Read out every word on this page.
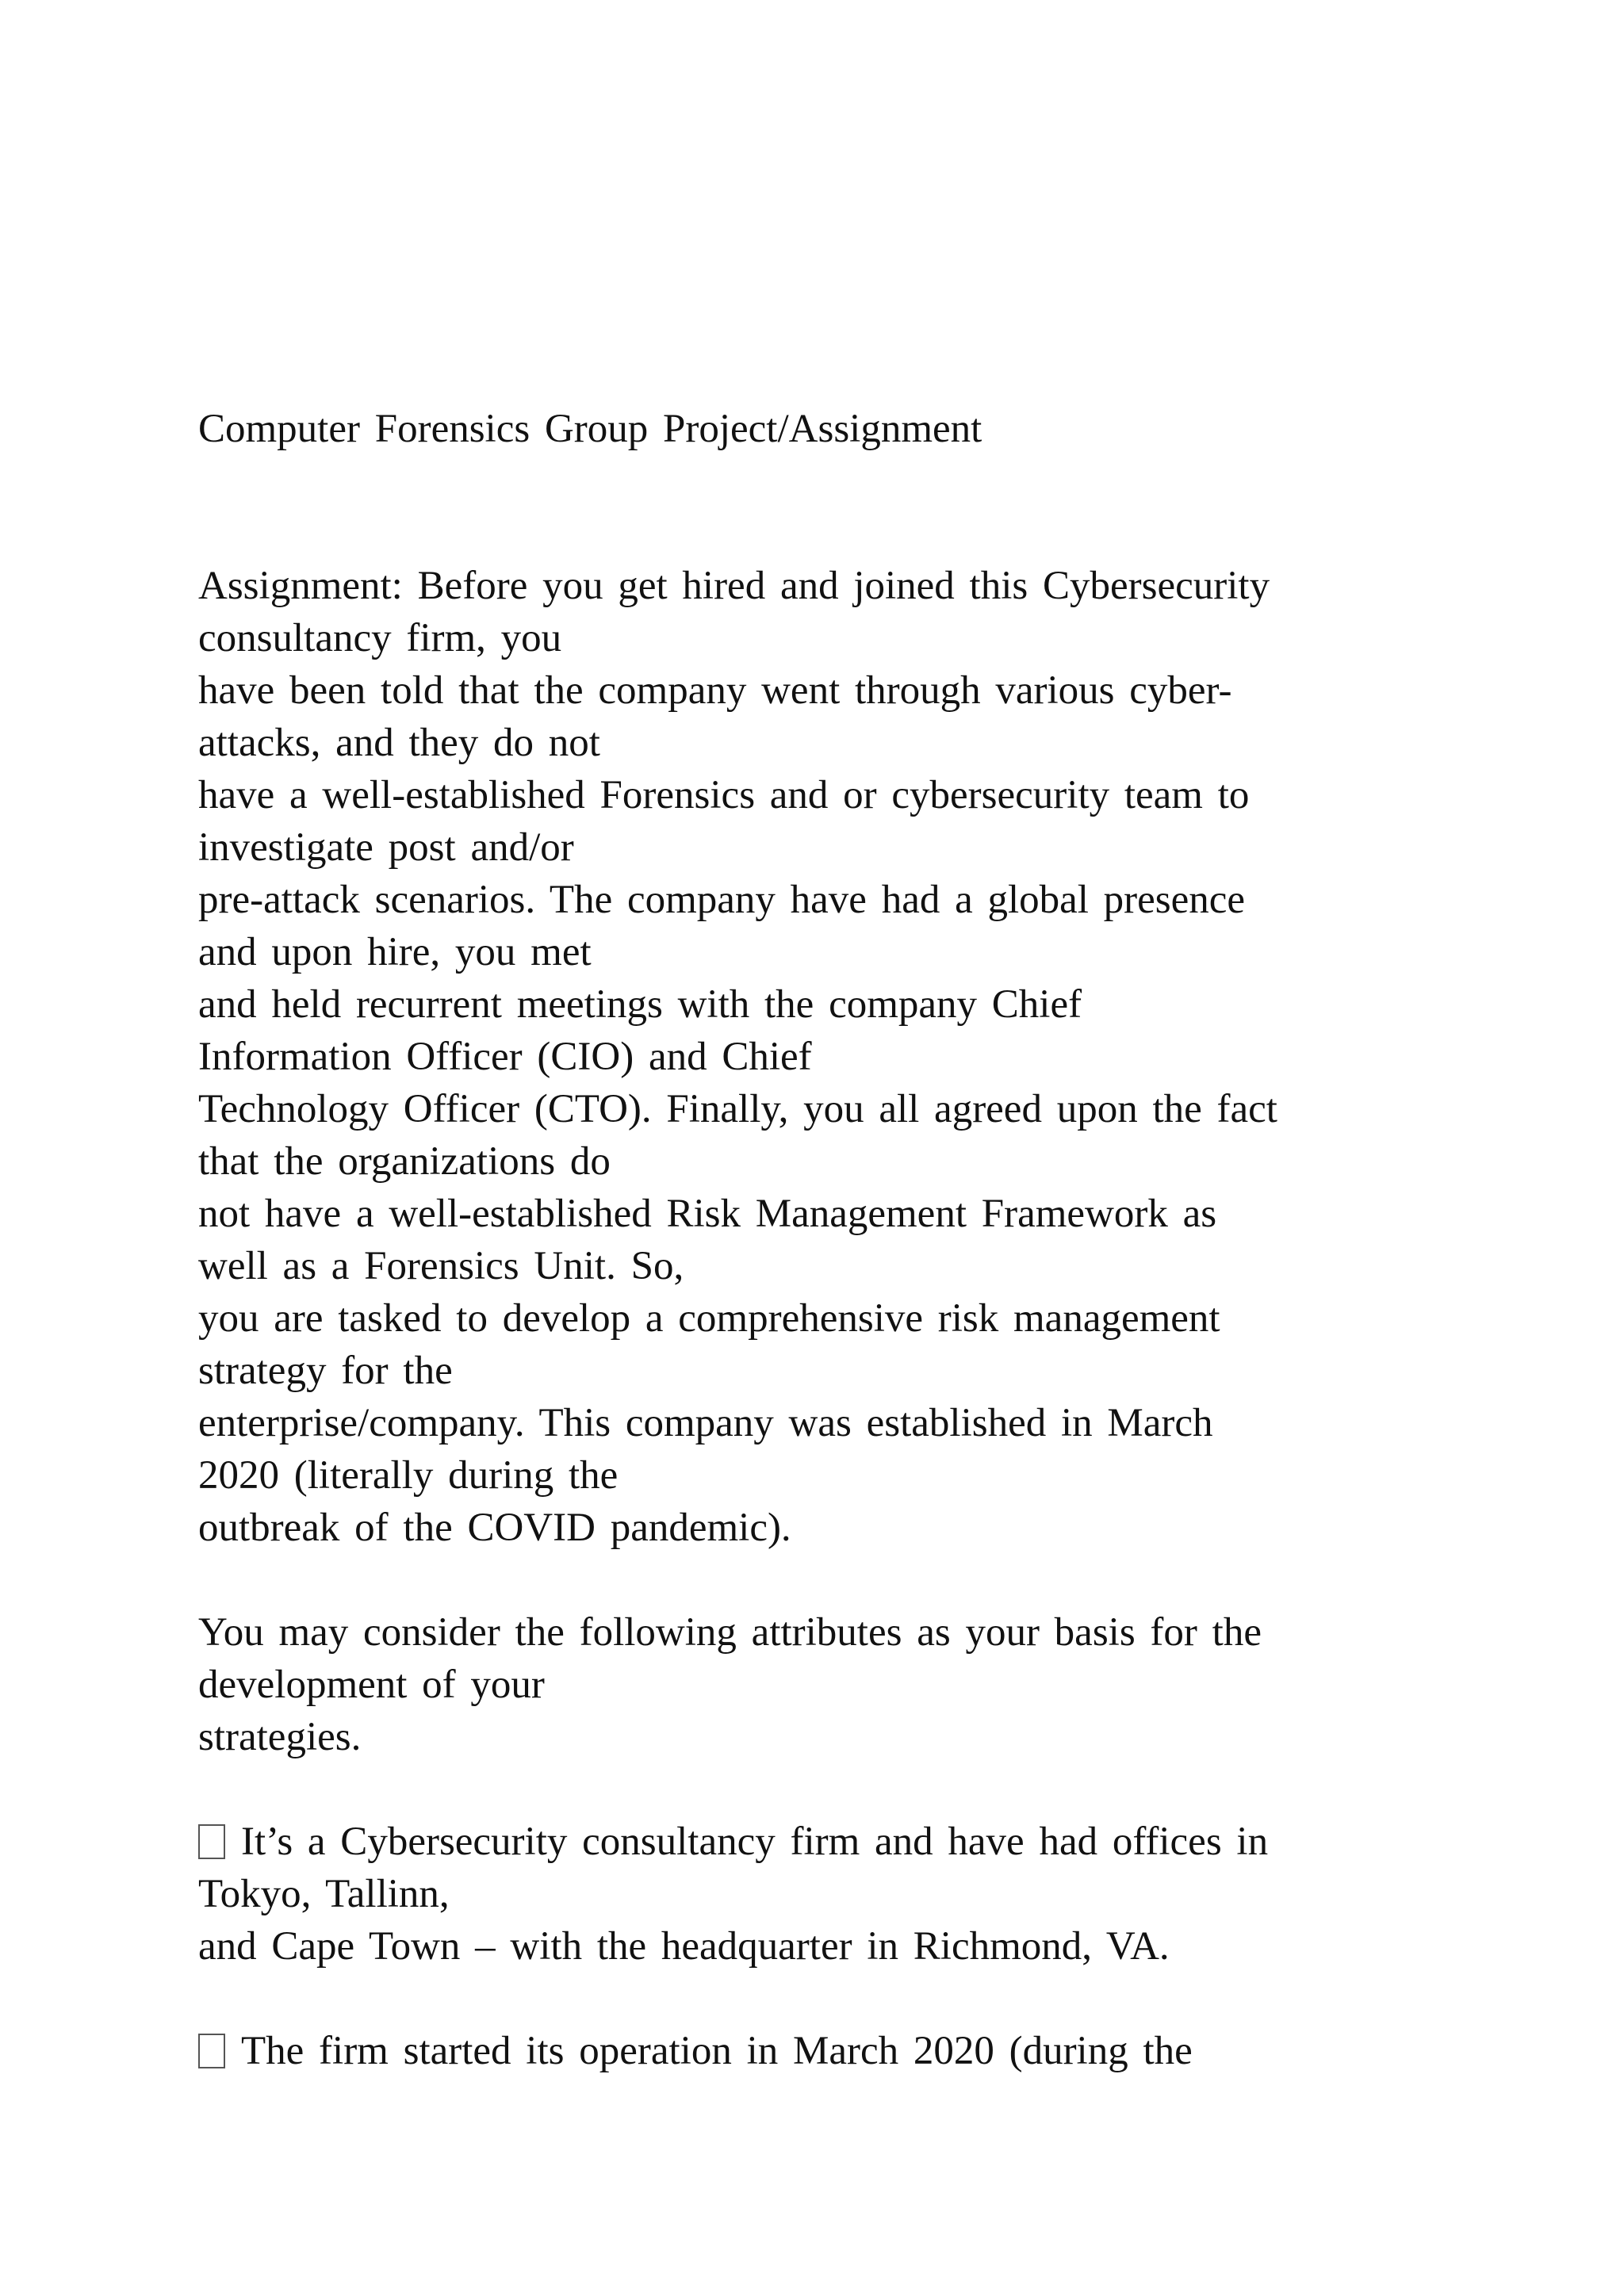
Computer Forensics Group Project/Assignment
Assignment: Before you get hired and joined this Cybersecurity
consultancy firm, you
have been told that the company went through various cyber-
attacks, and they do not
have a well-established Forensics and or cybersecurity team to
investigate post and/or
pre-attack scenarios. The company have had a global presence
and upon hire, you met
and held recurrent meetings with the company Chief
Information Officer (CIO) and Chief
Technology Officer (CTO). Finally, you all agreed upon the fact
that the organizations do
not have a well-established Risk Management Framework as
well as a Forensics Unit. So,
you are tasked to develop a comprehensive risk management
strategy for the
enterprise/company. This company was established in March
2020 (literally during the
outbreak of the COVID pandemic).
You may consider the following attributes as your basis for the
development of your
strategies.
It’s a Cybersecurity consultancy firm and have had offices in
Tokyo, Tallinn,
and Cape Town – with the headquarter in Richmond, VA.
The firm started its operation in March 2020 (during the
